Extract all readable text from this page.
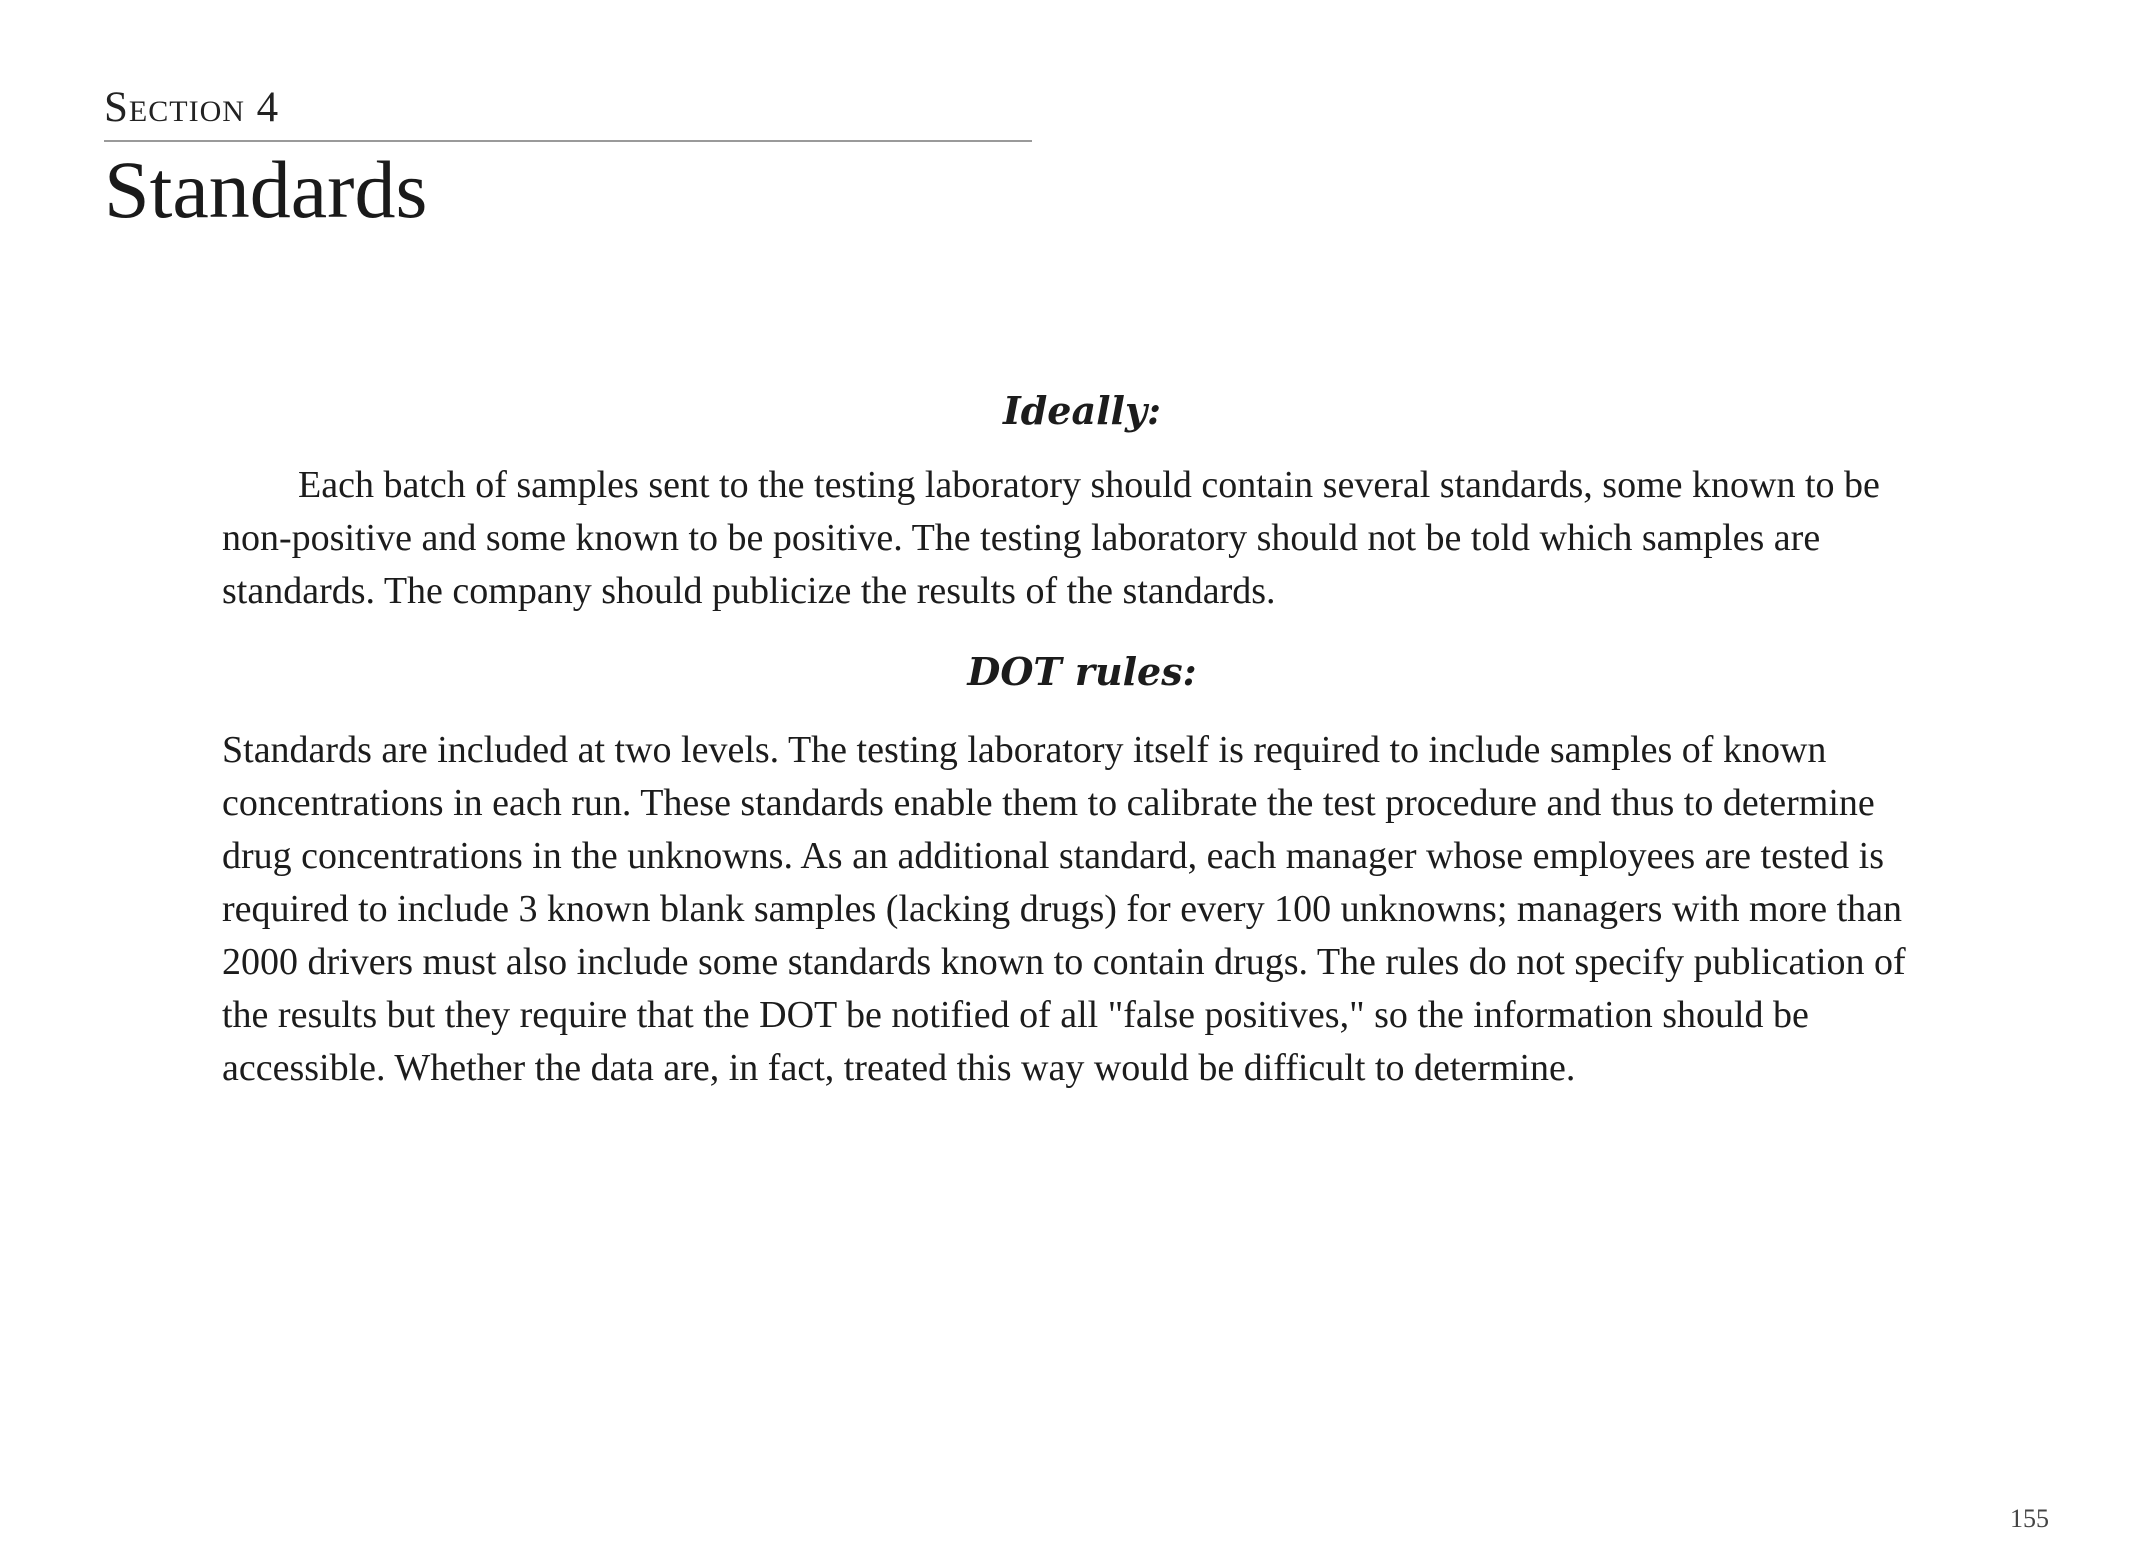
Section 4
Standards

Ideally:

Each batch of samples sent to the testing laboratory should contain several standards, some known to be non-positive and some known to be positive. The testing laboratory should not be told which samples are standards. The company should publicize the results of the standards.

DOT rules:

Standards are included at two levels. The testing laboratory itself is required to include samples of known concentrations in each run. These standards enable them to calibrate the test procedure and thus to determine drug concentrations in the unknowns. As an additional standard, each manager whose employees are tested is required to include 3 known blank samples (lacking drugs) for every 100 unknowns; managers with more than 2000 drivers must also include some standards known to contain drugs. The rules do not specify publication of the results but they require that the DOT be notified of all "false positives," so the information should be accessible. Whether the data are, in fact, treated this way would be difficult to determine.

155
